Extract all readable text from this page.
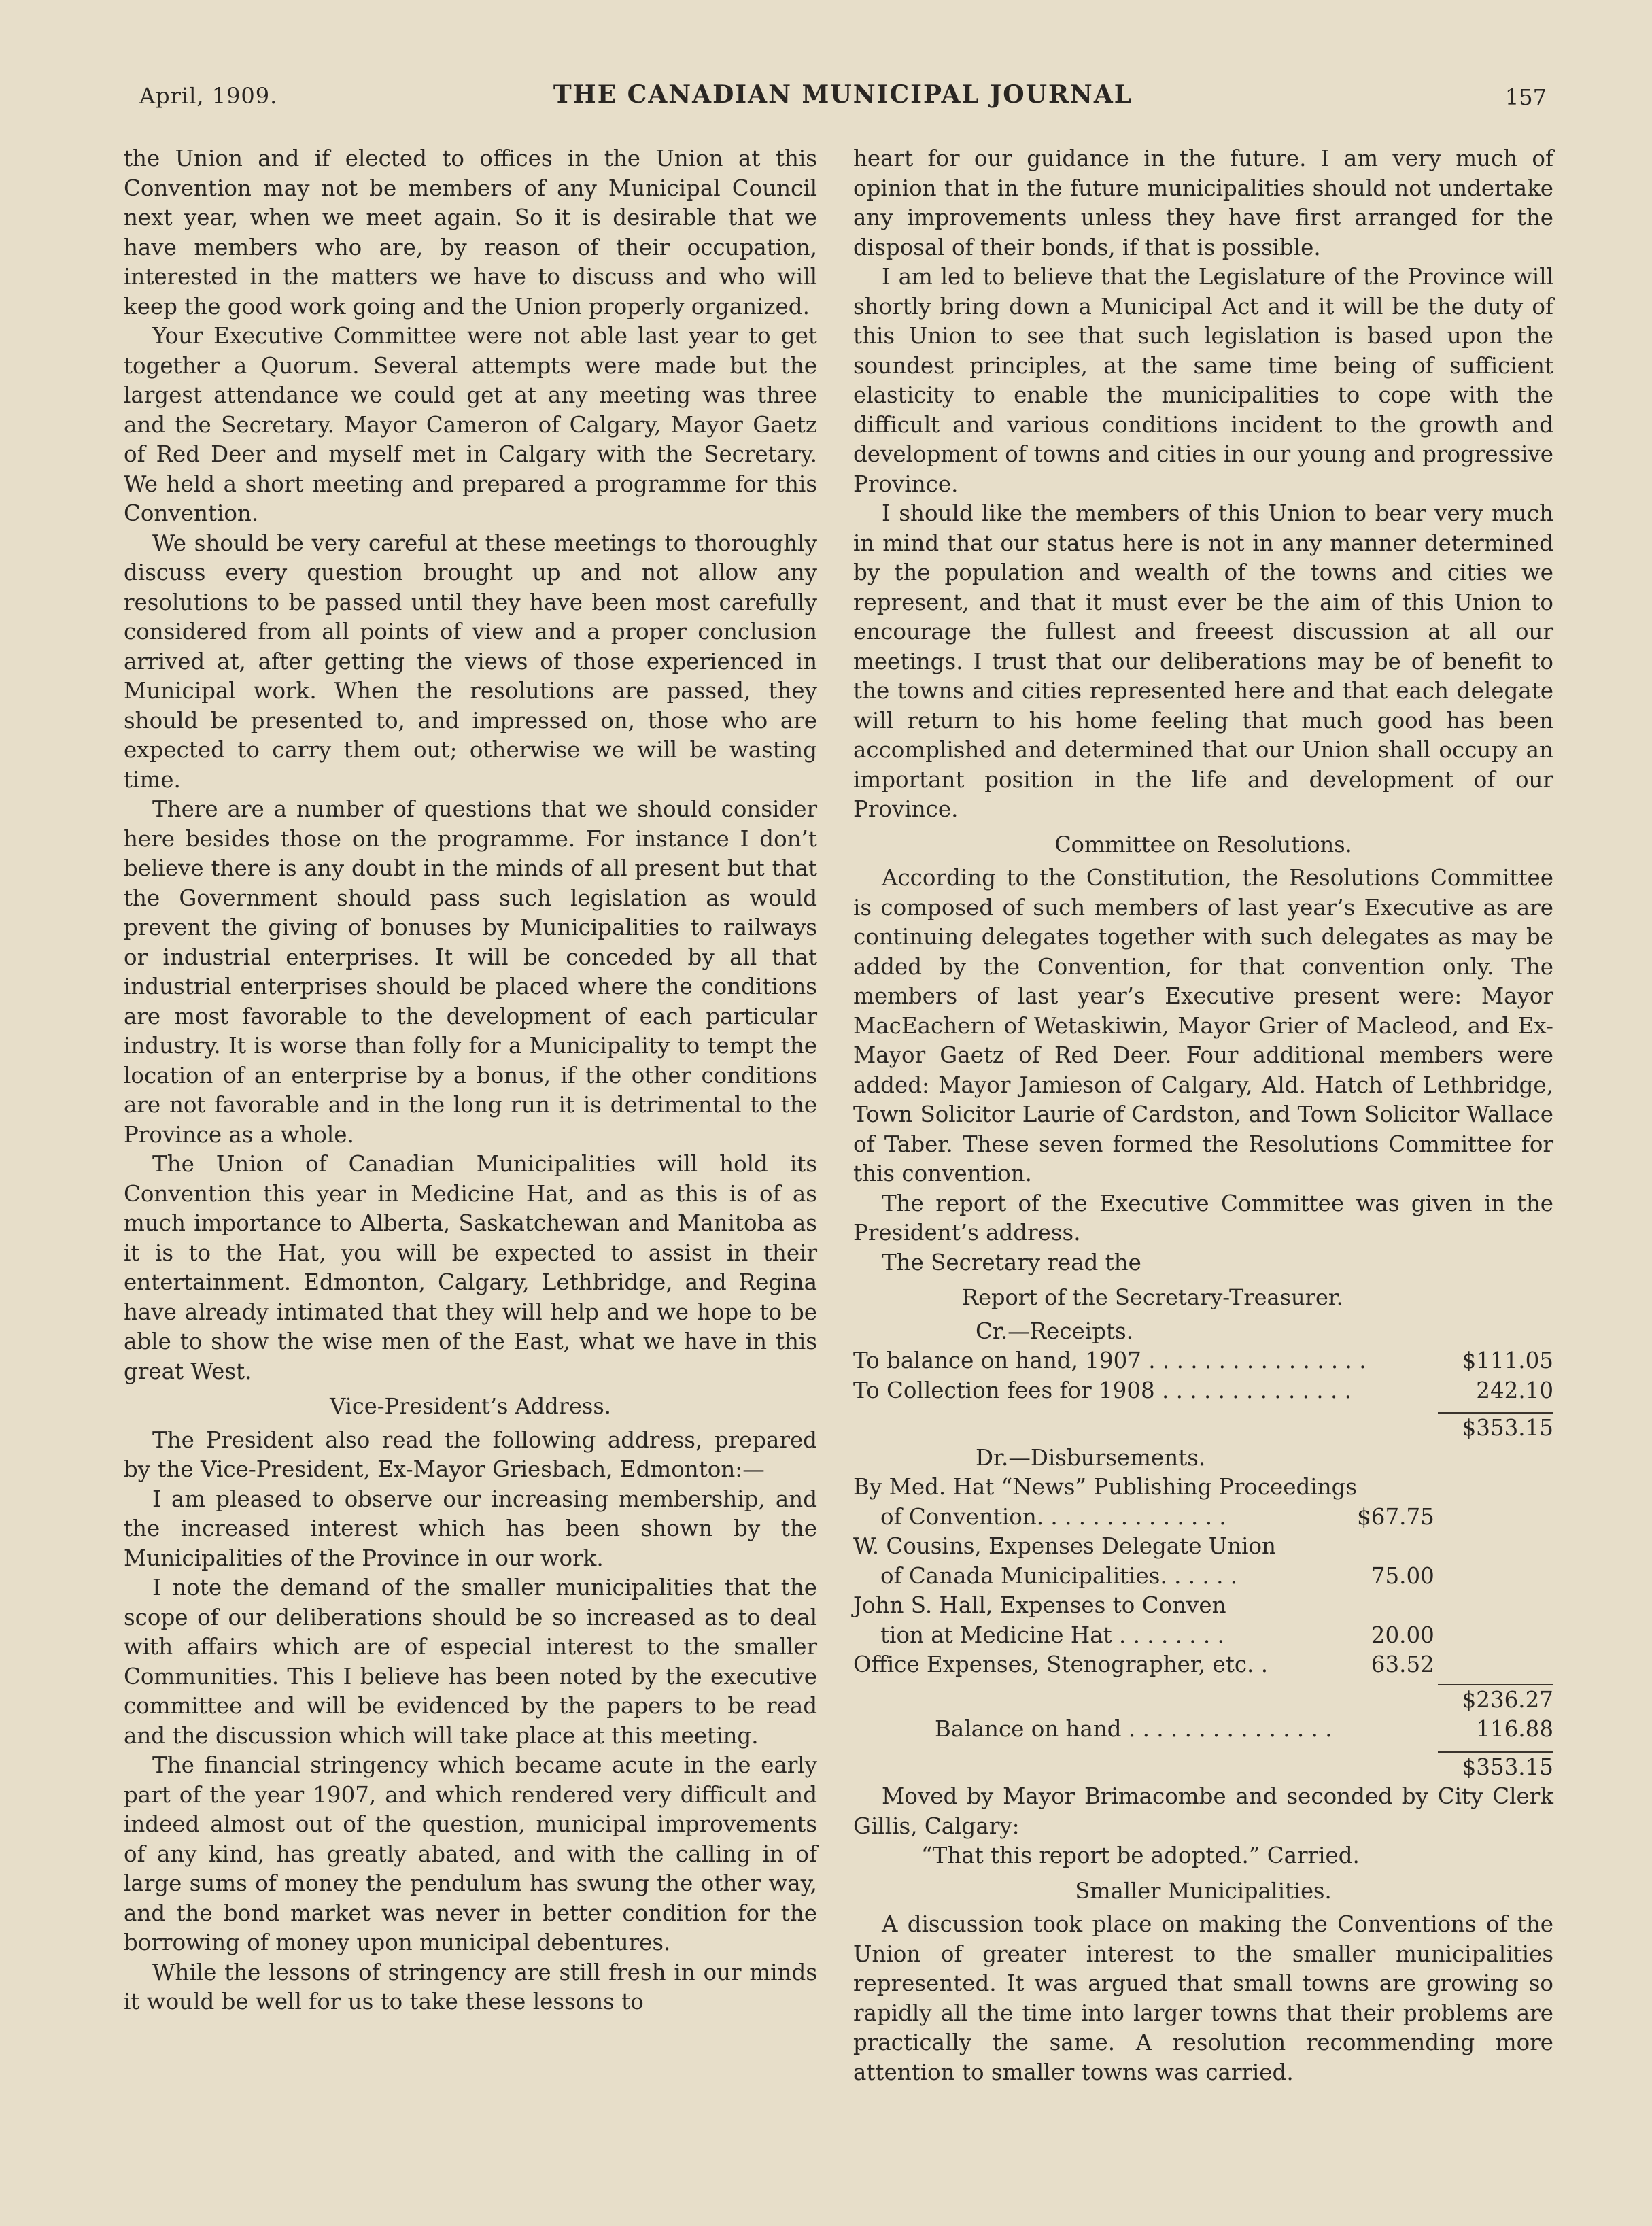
April, 1909.	THE CANADIAN MUNICIPAL JOURNAL	157

the Union and if elected to offices in the Union at this Convention may not be members of any Municipal Council next year, when we meet again. So it is desirable that we have members who are, by reason of their occupation, interested in the matters we have to discuss and who will keep the good work going and the Union properly organized.

Your Executive Committee were not able last year to get together a Quorum. Several attempts were made but the largest attendance we could get at any meeting was three and the Secretary. Mayor Cameron of Calgary, Mayor Gaetz of Red Deer and myself met in Calgary with the Secretary. We held a short meeting and prepared a programme for this Convention.

We should be very careful at these meetings to thoroughly discuss every question brought up and not allow any resolutions to be passed until they have been most carefully considered from all points of view and a proper conclusion arrived at, after getting the views of those experienced in Municipal work. When the resolutions are passed, they should be presented to, and impressed on, those who are expected to carry them out; otherwise we will be wasting time.

There are a number of questions that we should consider here besides those on the programme. For instance I don’t believe there is any doubt in the minds of all present but that the Government should pass such legislation as would prevent the giving of bonuses by Municipalities to railways or industrial enterprises. It will be conceded by all that industrial enterprises should be placed where the conditions are most favorable to the development of each particular industry. It is worse than folly for a Municipality to tempt the location of an enterprise by a bonus, if the other conditions are not favorable and in the long run it is detrimental to the Province as a whole.

The Union of Canadian Municipalities will hold its Convention this year in Medicine Hat, and as this is of as much importance to Alberta, Saskatchewan and Manitoba as it is to the Hat, you will be expected to assist in their entertainment. Edmonton, Calgary, Lethbridge, and Regina have already intimated that they will help and we hope to be able to show the wise men of the East, what we have in this great West.

Vice-President’s Address.

The President also read the following address, prepared by the Vice-President, Ex-Mayor Griesbach, Edmonton:—

I am pleased to observe our increasing membership, and the increased interest which has been shown by the Municipalities of the Province in our work.

I note the demand of the smaller municipalities that the scope of our deliberations should be so increased as to deal with affairs which are of especial interest to the smaller Communities. This I believe has been noted by the executive committee and will be evidenced by the papers to be read and the discussion which will take place at this meeting.

The financial stringency which became acute in the early part of the year 1907, and which rendered very difficult and indeed almost out of the question, municipal improvements of any kind, has greatly abated, and with the calling in of large sums of money the pendulum has swung the other way, and the bond market was never in better condition for the borrowing of money upon municipal debentures.

While the lessons of stringency are still fresh in our minds it would be well for us to take these lessons to

heart for our guidance in the future. I am very much of opinion that in the future municipalities should not undertake any improvements unless they have first arranged for the disposal of their bonds, if that is possible.

I am led to believe that the Legislature of the Province will shortly bring down a Municipal Act and it will be the duty of this Union to see that such legislation is based upon the soundest principles, at the same time being of sufficient elasticity to enable the municipalities to cope with the difficult and various conditions incident to the growth and development of towns and cities in our young and progressive Province.

I should like the members of this Union to bear very much in mind that our status here is not in any manner determined by the population and wealth of the towns and cities we represent, and that it must ever be the aim of this Union to encourage the fullest and freeest discussion at all our meetings. I trust that our deliberations may be of benefit to the towns and cities represented here and that each delegate will return to his home feeling that much good has been accomplished and determined that our Union shall occupy an important position in the life and development of our Province.

Committee on Resolutions.

According to the Constitution, the Resolutions Committee is composed of such members of last year’s Executive as are continuing delegates together with such delegates as may be added by the Convention, for that convention only. The members of last year’s Executive present were: Mayor MacEachern of Wetaskiwin, Mayor Grier of Macleod, and Ex-Mayor Gaetz of Red Deer. Four additional members were added: Mayor Jamieson of Calgary, Ald. Hatch of Lethbridge, Town Solicitor Laurie of Cardston, and Town Solicitor Wallace of Taber. These seven formed the Resolutions Committee for this convention.

The report of the Executive Committee was given in the President’s address.

The Secretary read the

Report of the Secretary-Treasurer.
Cr.—Receipts.
To balance on hand, 1907 . . . . . . . . . . . . . . . .	$111.05
To Collection fees for 1908 . . . . . . . . . . . . . .	242.10

$353.15
Dr.—Disbursements.
By Med. Hat “News” Publishing Proceedings
of Convention. . . . . . . . . . . . . .	$67.75

W. Cousins, Expenses Delegate Union
of Canada Municipalities. . . . . .	75.00

John S. Hall, Expenses to Conven
tion at Medicine Hat . . . . . . . .	20.00

Office Expenses, Stenographer, etc. .	63.52

$236.27
Balance on hand . . . . . . . . . . . . . . .	116.88

$353.15

Moved by Mayor Brimacombe and seconded by City Clerk Gillis, Calgary:

“That this report be adopted.” Carried.
Smaller Municipalities.

A discussion took place on making the Conventions of the Union of greater interest to the smaller municipalities represented. It was argued that small towns are growing so rapidly all the time into larger towns that their problems are practically the same. A resolution recommending more attention to smaller towns was carried.
